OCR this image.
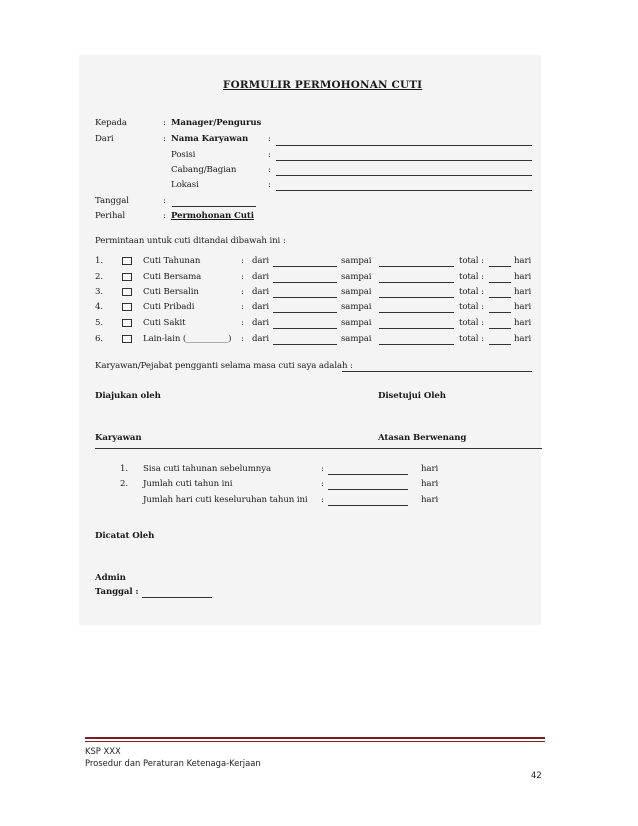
FORMULIR PERMOHONAN CUTI
Kepada	: Manager/Pengurus
Dari	: Nama Karyawan :
Posisi	:
Cabang/Bagian	:
Lokasi	:
Tanggal	:
Perihal	: Permohonan Cuti
Permintaan untuk cuti ditandai dibawah ini :
1.	Cuti Tahunan	: dari	sampai	total :	hari
2.	Cuti Bersama	: dari	sampai	total :	hari
3.	Cuti Bersalin	: dari	sampai	total :	hari
4.	Cuti Pribadi	: dari	sampai	total :	hari
5.	Cuti Sakit	: dari	sampai	total :	hari
6.	Lain-lain (__________) : dari	sampai	total :	hari
Karyawan/Pejabat pengganti selama masa cuti saya adalah :
Diajukan oleh	Disetujui Oleh
Karyawan	Atasan Berwenang
1. Sisa cuti tahunan sebelumnya	:	hari
2. Jumlah cuti tahun ini	:	hari
Jumlah hari cuti keseluruhan tahun ini :	hari
Dicatat Oleh
Admin
Tanggal :
KSP XXX
Prosedur dan Peraturan Ketenaga-Kerjaan
42
